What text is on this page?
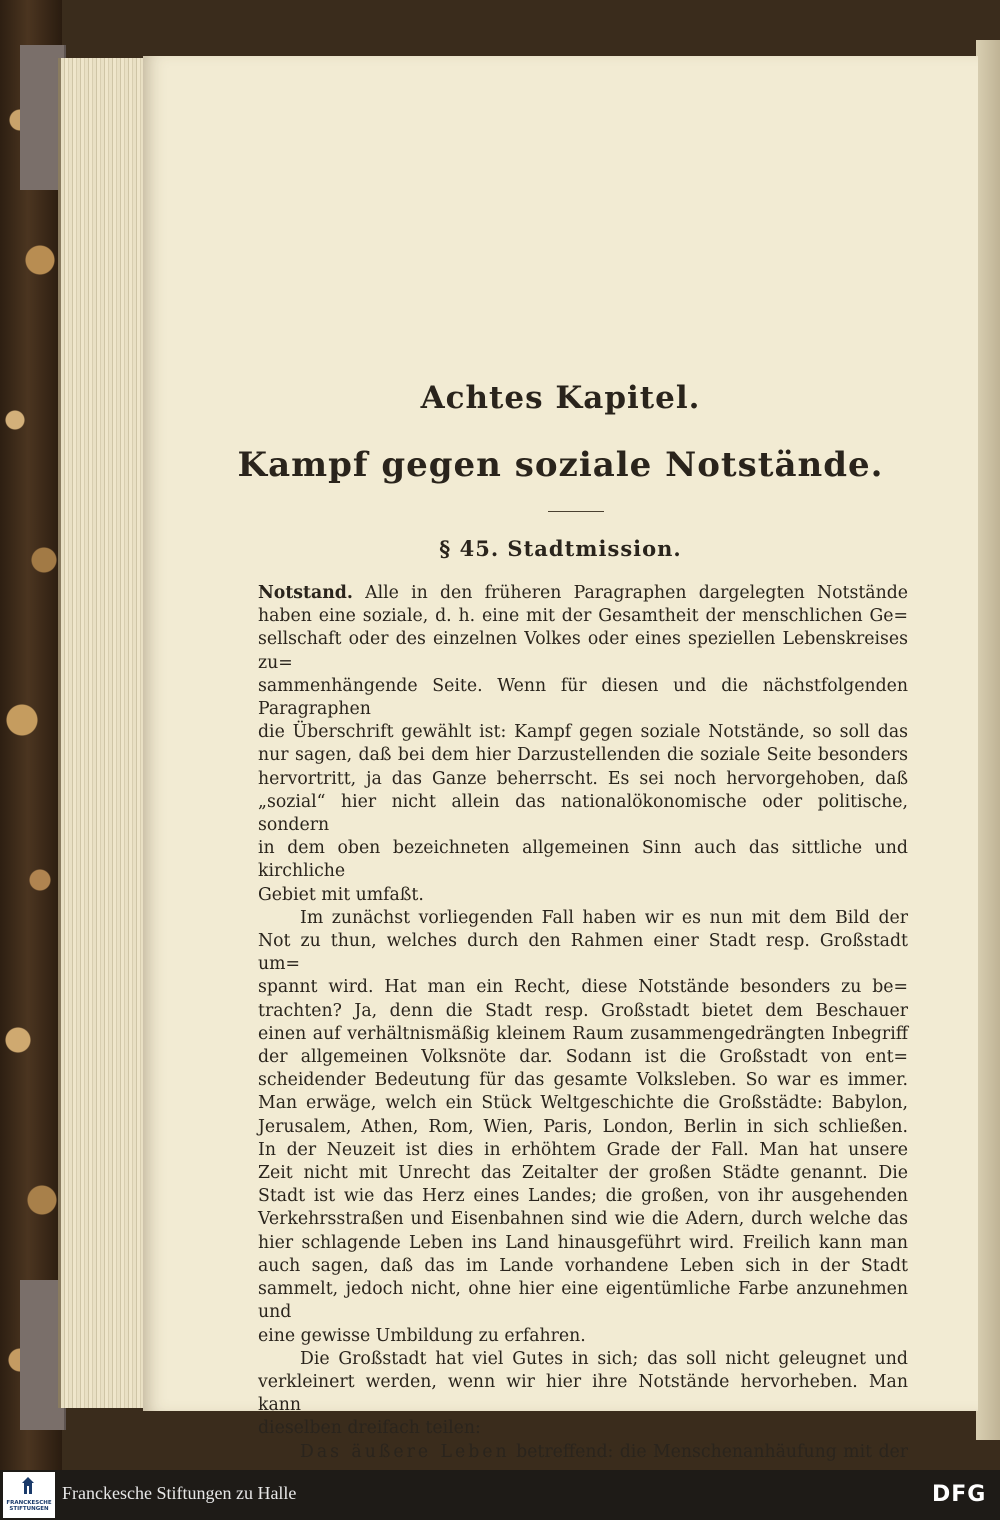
Achtes Kapitel.
Kampf gegen soziale Notstände.
§ 45. Stadtmission.

Notstand. Alle in den früheren Paragraphen dargelegten Notstände

haben eine soziale, d. h. eine mit der Gesamtheit der menschlichen Ge=

sellschaft oder des einzelnen Volkes oder eines speziellen Lebenskreises zu=

sammenhängende Seite. Wenn für diesen und die nächstfolgenden Paragraphen

die Überschrift gewählt ist: Kampf gegen soziale Notstände, so soll das

nur sagen, daß bei dem hier Darzustellenden die soziale Seite besonders

hervortritt, ja das Ganze beherrscht. Es sei noch hervorgehoben, daß

„sozial“ hier nicht allein das nationalökonomische oder politische, sondern

in dem oben bezeichneten allgemeinen Sinn auch das sittliche und kirchliche

Gebiet mit umfaßt.

Im zunächst vorliegenden Fall haben wir es nun mit dem Bild der

Not zu thun, welches durch den Rahmen einer Stadt resp. Großstadt um=

spannt wird. Hat man ein Recht, diese Notstände besonders zu be=

trachten? Ja, denn die Stadt resp. Großstadt bietet dem Beschauer

einen auf verhältnismäßig kleinem Raum zusammengedrängten Inbegriff

der allgemeinen Volksnöte dar. Sodann ist die Großstadt von ent=

scheidender Bedeutung für das gesamte Volksleben. So war es immer.

Man erwäge, welch ein Stück Weltgeschichte die Großstädte: Babylon,

Jerusalem, Athen, Rom, Wien, Paris, London, Berlin in sich schließen.

In der Neuzeit ist dies in erhöhtem Grade der Fall. Man hat unsere

Zeit nicht mit Unrecht das Zeitalter der großen Städte genannt. Die

Stadt ist wie das Herz eines Landes; die großen, von ihr ausgehenden

Verkehrsstraßen und Eisenbahnen sind wie die Adern, durch welche das

hier schlagende Leben ins Land hinausgeführt wird. Freilich kann man

auch sagen, daß das im Lande vorhandene Leben sich in der Stadt

sammelt, jedoch nicht, ohne hier eine eigentümliche Farbe anzunehmen und

eine gewisse Umbildung zu erfahren.

Die Großstadt hat viel Gutes in sich; das soll nicht geleugnet und

verkleinert werden, wenn wir hier ihre Notstände hervorheben. Man kann

dieselben dreifach teilen:

Das äußere Leben betreffend: die Menschenanhäufung mit der

FRANCKESCHE
STIFTUNGEN
Franckesche Stiftungen zu Halle	DFG
